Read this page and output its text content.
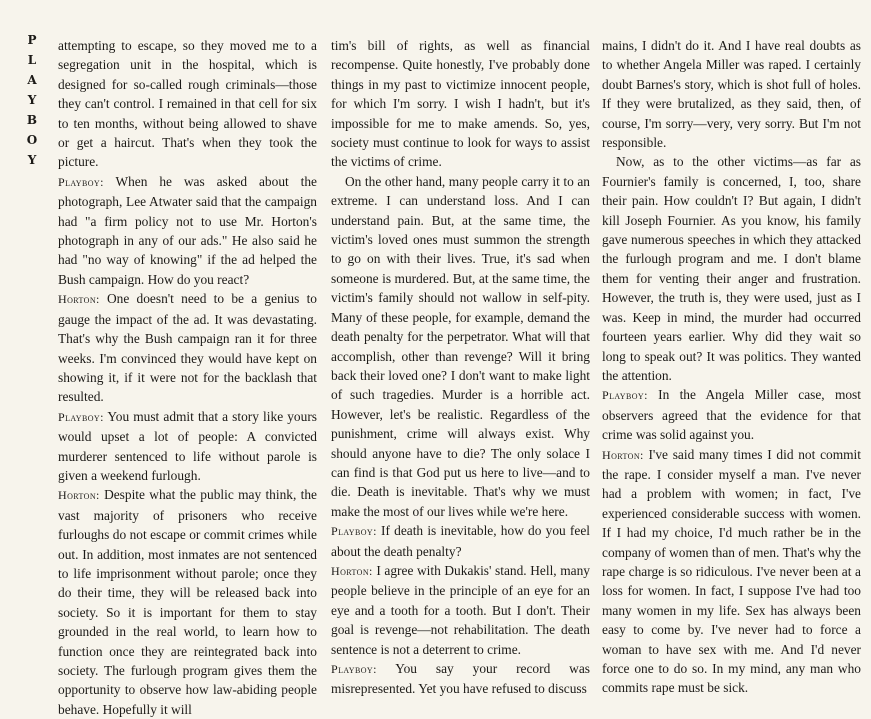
P
L
A
Y
B
O
Y

attempting to escape, so they moved me to a segregation unit in the hospital, which is designed for so-called rough criminals—those they can't control. I remained in that cell for six to ten months, without being allowed to shave or get a haircut. That's when they took the picture.

Playboy: When he was asked about the photograph, Lee Atwater said that the campaign had "a firm policy not to use Mr. Horton's photograph in any of our ads." He also said he had "no way of knowing" if the ad helped the Bush campaign. How do you react?

Horton: One doesn't need to be a genius to gauge the impact of the ad. It was devastating. That's why the Bush campaign ran it for three weeks. I'm convinced they would have kept on showing it, if it were not for the backlash that resulted.

Playboy: You must admit that a story like yours would upset a lot of people: A convicted murderer sentenced to life without parole is given a weekend furlough.

Horton: Despite what the public may think, the vast majority of prisoners who receive furloughs do not escape or commit crimes while out. In addition, most inmates are not sentenced to life imprisonment without parole; once they do their time, they will be released back into society. So it is important for them to stay grounded in the real world, to learn how to function once they are reintegrated back into society. The furlough program gives them the opportunity to observe how law-abiding people behave. Hopefully it will

tim's bill of rights, as well as financial recompense. Quite honestly, I've probably done things in my past to victimize innocent people, for which I'm sorry. I wish I hadn't, but it's impossible for me to make amends. So, yes, society must continue to look for ways to assist the victims of crime.

On the other hand, many people carry it to an extreme. I can understand loss. And I can understand pain. But, at the same time, the victim's loved ones must summon the strength to go on with their lives. True, it's sad when someone is murdered. But, at the same time, the victim's family should not wallow in self-pity. Many of these people, for example, demand the death penalty for the perpetrator. What will that accomplish, other than revenge? Will it bring back their loved one? I don't want to make light of such tragedies. Murder is a horrible act. However, let's be realistic. Regardless of the punishment, crime will always exist. Why should anyone have to die? The only solace I can find is that God put us here to live—and to die. Death is inevitable. That's why we must make the most of our lives while we're here.

Playboy: If death is inevitable, how do you feel about the death penalty?

Horton: I agree with Dukakis' stand. Hell, many people believe in the principle of an eye for an eye and a tooth for a tooth. But I don't. Their goal is revenge—not rehabilitation. The death sentence is not a deterrent to crime.

Playboy: You say your record was misrepresented. Yet you have refused to discuss

mains, I didn't do it. And I have real doubts as to whether Angela Miller was raped. I certainly doubt Barnes's story, which is shot full of holes. If they were brutalized, as they said, then, of course, I'm sorry—very, very sorry. But I'm not responsible.

Now, as to the other victims—as far as Fournier's family is concerned, I, too, share their pain. How couldn't I? But again, I didn't kill Joseph Fournier. As you know, his family gave numerous speeches in which they attacked the furlough program and me. I don't blame them for venting their anger and frustration. However, the truth is, they were used, just as I was. Keep in mind, the murder had occurred fourteen years earlier. Why did they wait so long to speak out? It was politics. They wanted the attention.

Playboy: In the Angela Miller case, most observers agreed that the evidence for that crime was solid against you.

Horton: I've said many times I did not commit the rape. I consider myself a man. I've never had a problem with women; in fact, I've experienced considerable success with women. If I had my choice, I'd much rather be in the company of women than of men. That's why the rape charge is so ridiculous. I've never been at a loss for women. In fact, I suppose I've had too many women in my life. Sex has always been easy to come by. I've never had to force a woman to have sex with me. And I'd never force one to do so. In my mind, any man who commits rape must be sick.
